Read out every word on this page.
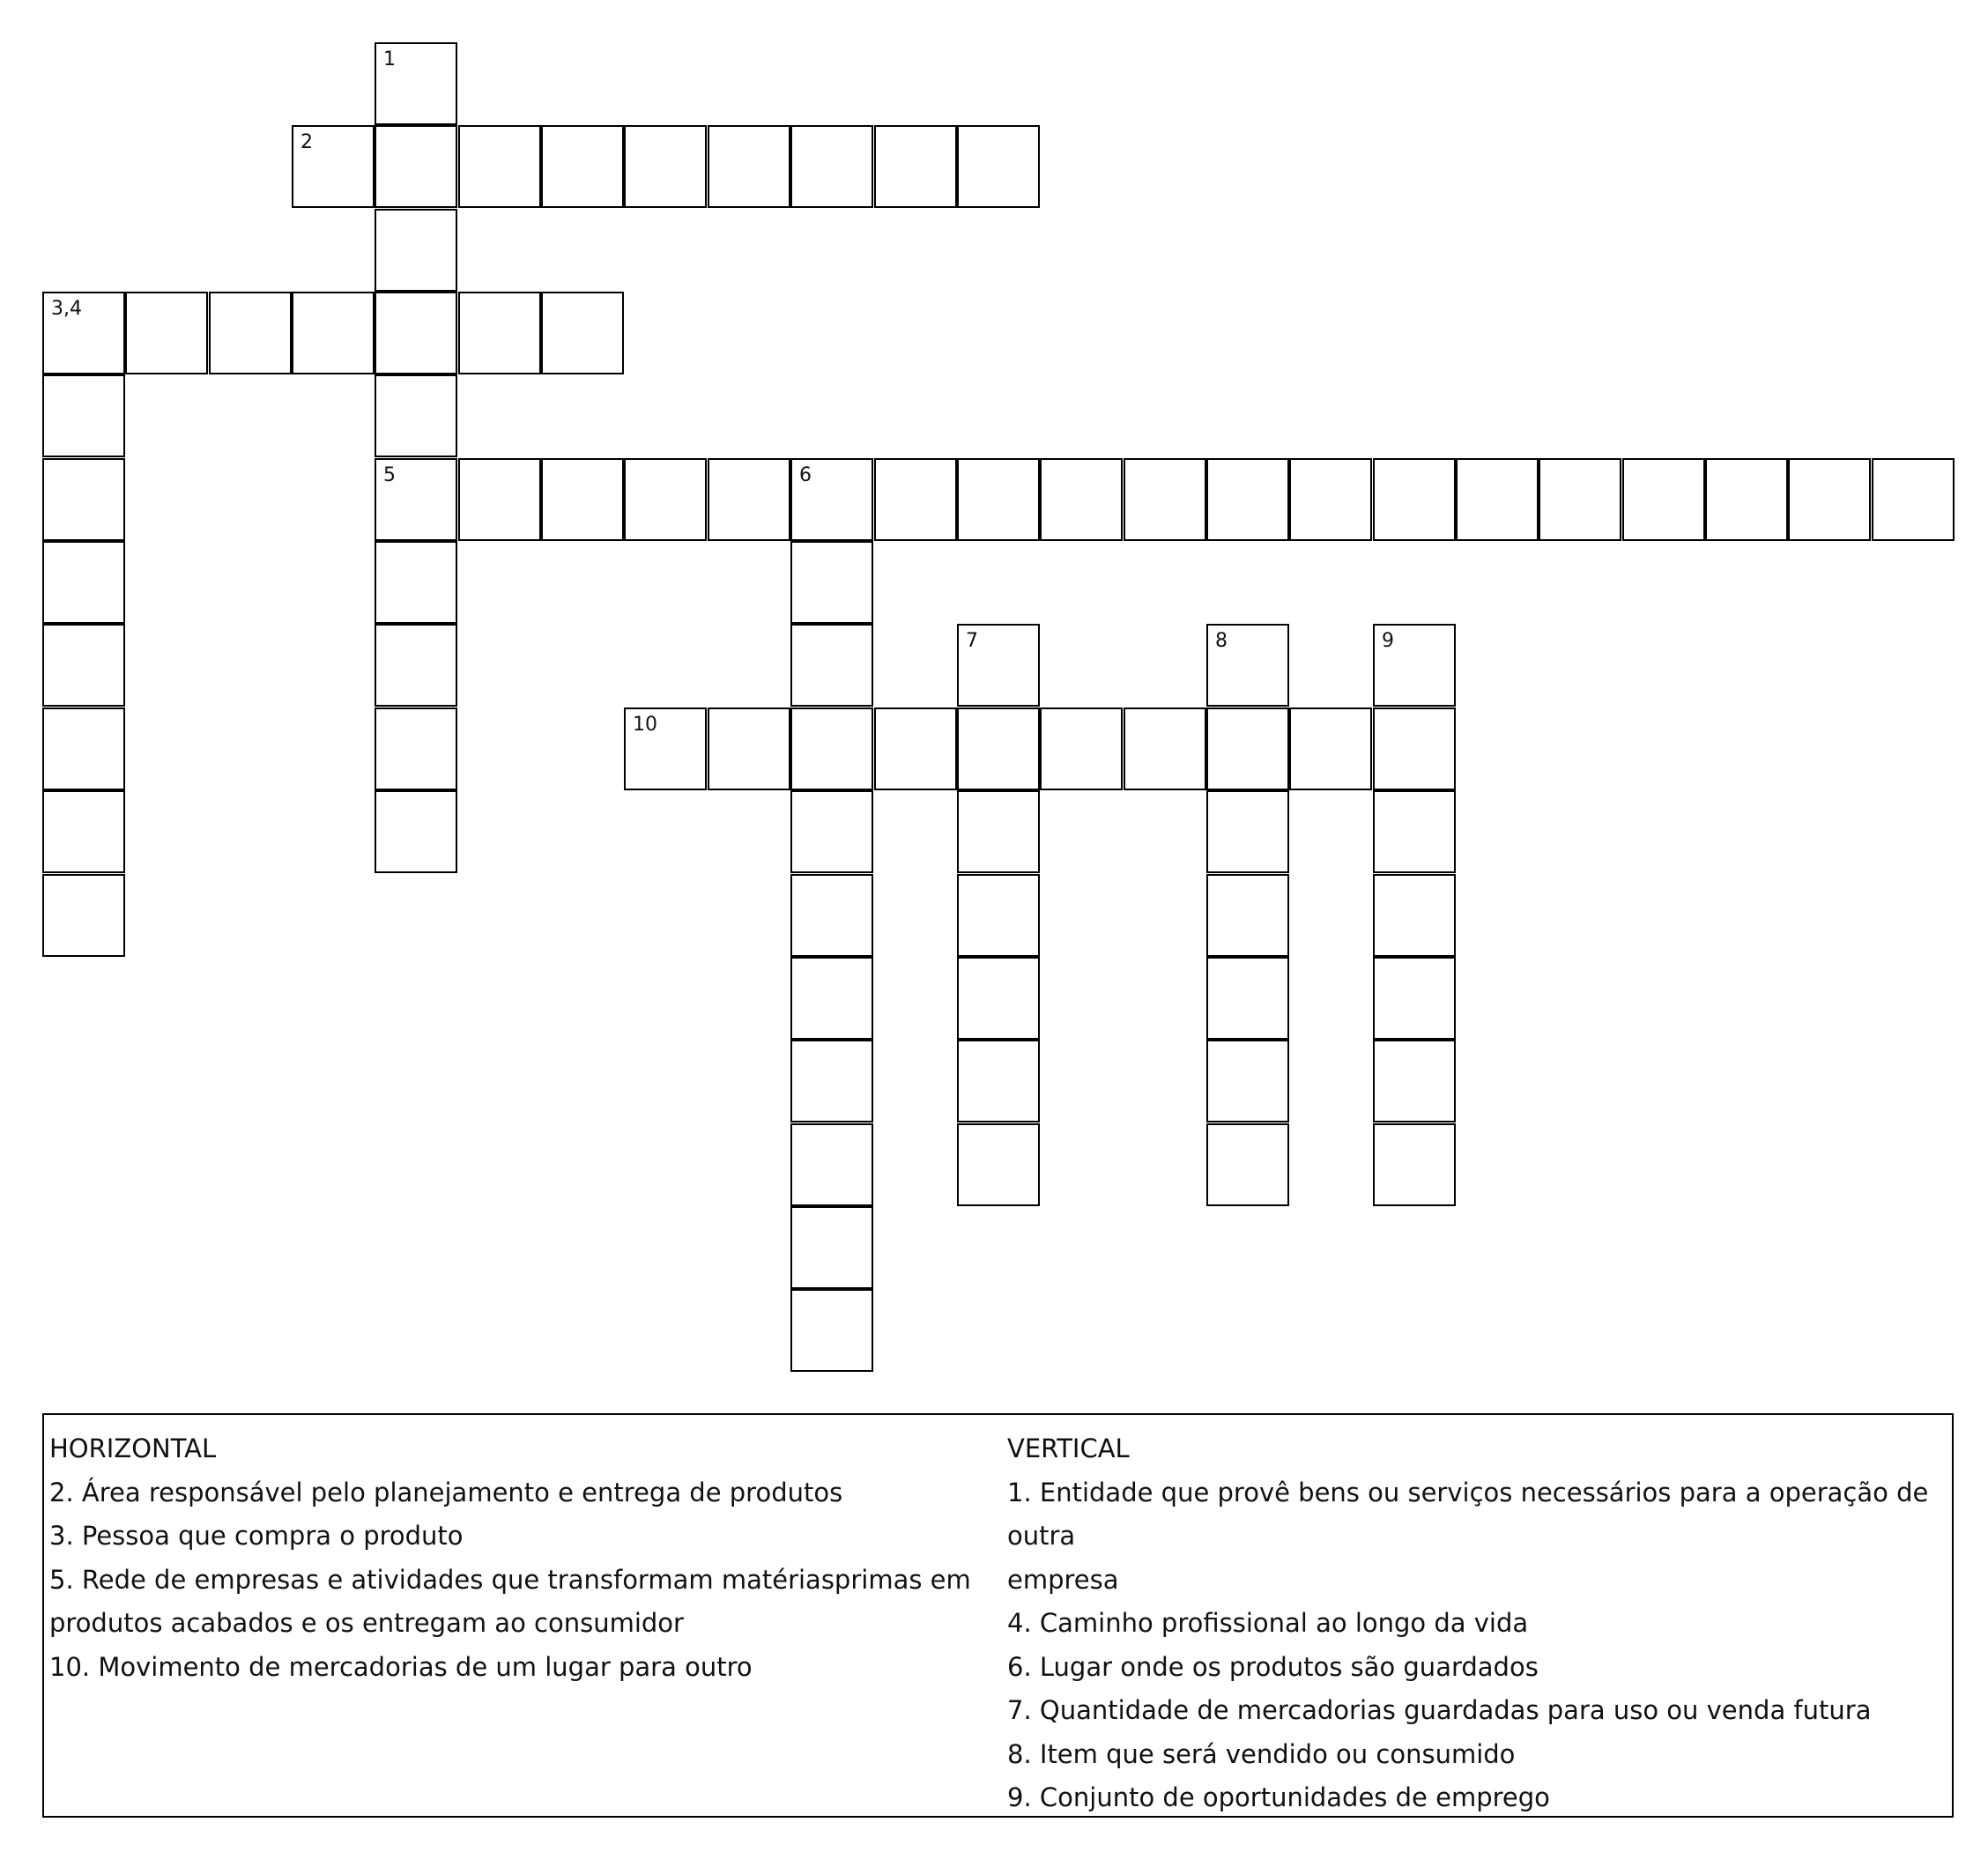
1
5
2
3,4
6
7	8	9
10
HORIZONTAL
2. Área responsável pelo planejamento e entrega de produtos
3. Pessoa que compra o produto
5. Rede de empresas e atividades que transformam matériasprimas em
produtos acabados e os entregam ao consumidor
10. Movimento de mercadorias de um lugar para outro
VERTICAL
1. Entidade que provê bens ou serviços necessários para a operação de outra
empresa
4. Caminho profissional ao longo da vida
6. Lugar onde os produtos são guardados
7. Quantidade de mercadorias guardadas para uso ou venda futura
8. Item que será vendido ou consumido
9. Conjunto de oportunidades de emprego
